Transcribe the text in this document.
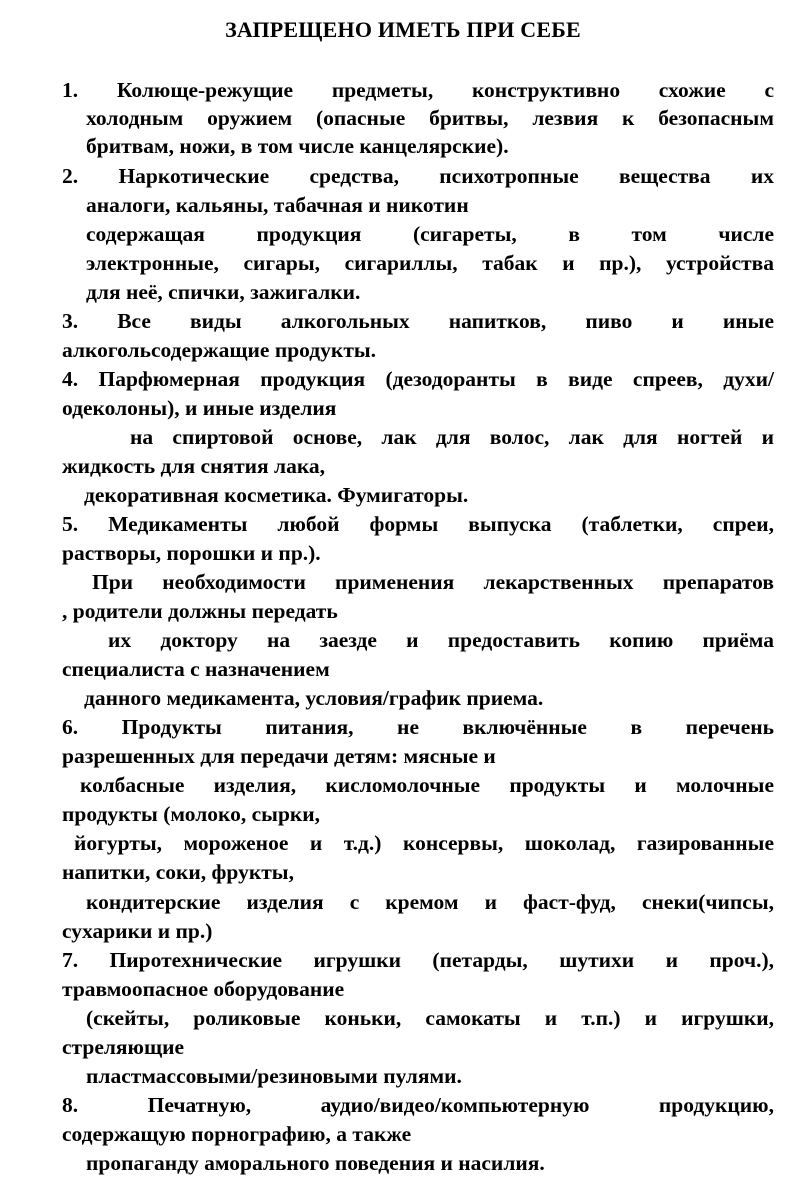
ЗАПРЕЩЕНО ИМЕТЬ ПРИ СЕБЕ
1. Колюще-режущие предметы, конструктивно схожие с
холодным оружием (опасные бритвы, лезвия к безопасным
бритвам, ножи, в том числе канцелярские).
2. Наркотические средства, психотропные вещества их
аналоги, кальяны, табачная и никотин
содержащая продукция (сигареты, в том числе
электронные, сигары, сигариллы, табак и пр.), устройства
для неё, спички, зажигалки.
3. Все виды алкогольных напитков, пиво и иные
алкогольсодержащие продукты.
4. Парфюмерная продукция (дезодоранты в виде спреев, духи/
одеколоны), и иные изделия
на спиртовой основе, лак для волос, лак для ногтей и
жидкость для снятия лака,
декоративная косметика. Фумигаторы.
5. Медикаменты любой формы выпуска (таблетки, спреи,
растворы, порошки и пр.).
При необходимости применения лекарственных препаратов
, родители должны передать
их доктору на заезде и предоставить копию приёма
специалиста с назначением
данного медикамента, условия/график приема.
6. Продукты питания, не включённые в перечень
разрешенных для передачи детям: мясные и
колбасные изделия, кисломолочные продукты и молочные
продукты (молоко, сырки,
йогурты, мороженое и т.д.) консервы, шоколад, газированные
напитки, соки, фрукты,
кондитерские изделия с кремом и фаст-фуд, снеки(чипсы,
сухарики и пр.)
7. Пиротехнические игрушки (петарды, шутихи и проч.),
травмоопасное оборудование
(скейты, роликовые коньки, самокаты и т.п.) и игрушки,
стреляющие
пластмассовыми/резиновыми пулями.
8. Печатную, аудио/видео/компьютерную продукцию,
содержащую порнографию, а также
пропаганду аморального поведения и насилия.
